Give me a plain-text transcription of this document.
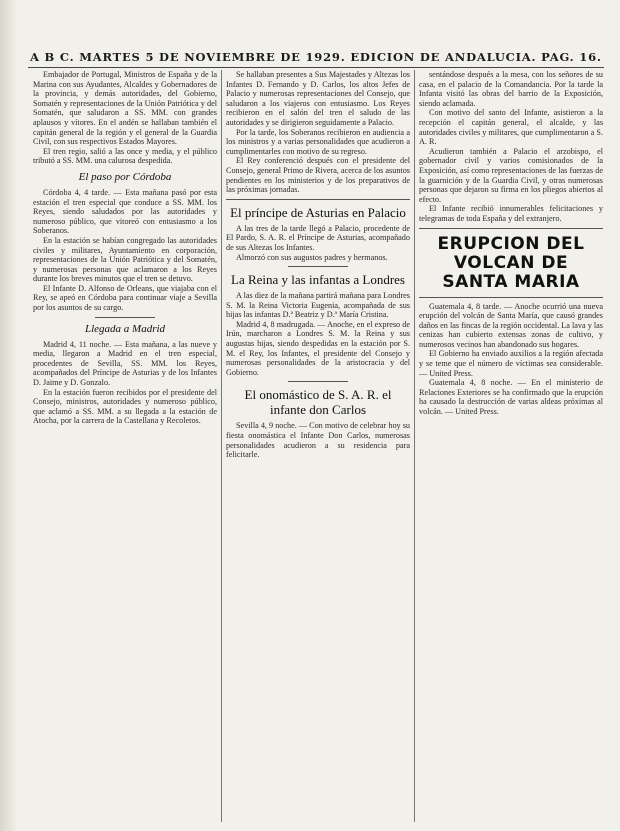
A B C. MARTES 5 DE NOVIEMBRE DE 1929. EDICION DE ANDALUCIA. PAG. 16.

Embajador de Portugal, Ministros de España y de la Marina con sus Ayudantes, Alcaldes y Gobernadores de la provincia, y demás autoridades, del Gobierno, Somatén y representaciones de la Unión Patriótica y del Somatén, que saludaron a SS. MM. con grandes aplausos y vítores. En el andén se hallaban también el capitán general de la región y el general de la Guardia Civil, con sus respectivos Estados Mayores.

El tren regio, salió a las once y media, y el público tributó a SS. MM. una calurosa despedida.

El paso por Córdoba

Córdoba 4, 4 tarde. — Esta mañana pasó por esta estación el tren especial que conduce a SS. MM. los Reyes, siendo saludados por las autoridades y numeroso público, que vitoreó con entusiasmo a los Soberanos.

En la estación se habían congregado las autoridades civiles y militares, Ayuntamiento en corporación, representaciones de la Unión Patriótica y del Somatén, y numerosas personas que aclamaron a los Reyes durante los breves minutos que el tren se detuvo.

El Infante D. Alfonso de Orleans, que viajaba con el Rey, se apeó en Córdoba para continuar viaje a Sevilla por los asuntos de su cargo.

Llegada a Madrid

Madrid 4, 11 noche. — Esta mañana, a las nueve y media, llegaron a Madrid en el tren especial, procedentes de Sevilla, SS. MM. los Reyes, acompañados del Príncipe de Asturias y de los Infantes D. Jaime y D. Gonzalo.

En la estación fueron recibidos por el presidente del Consejo, ministros, autoridades y numeroso público, que aclamó a SS. MM. a su llegada a la estación de Atocha, por la carrera de la Castellana y Recoletos.

Se hallaban presentes a Sus Majestades y Altezas los Infantes D. Fernando y D. Carlos, los altos Jefes de Palacio y numerosas representaciones del Consejo, que saludaron a los viajeros con entusiasmo. Los Reyes recibieron en el salón del tren el saludo de las autoridades y se dirigieron seguidamente a Palacio.

Por la tarde, los Soberanos recibieron en audiencia a los ministros y a varias personalidades que acudieron a cumplimentarles con motivo de su regreso.

El Rey conferenció después con el presidente del Consejo, general Primo de Rivera, acerca de los asuntos pendientes en los ministerios y de los preparativos de las próximas jornadas.

El príncipe de Asturias en Palacio

A las tres de la tarde llegó a Palacio, procedente de El Pardo, S. A. R. el Príncipe de Asturias, acompañado de sus Altezas los Infantes.

Almorzó con sus augustos padres y hermanos.

La Reina y las infantas a Londres

A las diez de la mañana partirá mañana para Londres S. M. la Reina Victoria Eugenia, acompañada de sus hijas las infantas D.ª Beatriz y D.ª María Cristina.

Madrid 4, 8 madrugada. — Anoche, en el expreso de Irún, marcharon a Londres S. M. la Reina y sus augustas hijas, siendo despedidas en la estación por S. M. el Rey, los Infantes, el presidente del Consejo y numerosas personalidades de la aristocracia y del Gobierno.

El onomástico de S. A. R. el infante don Carlos

Sevilla 4, 9 noche. — Con motivo de celebrar hoy su fiesta onomástica el Infante Don Carlos, numerosas personalidades acudieron a su residencia para felicitarle.

sentándose después a la mesa, con los señores de su casa, en el palacio de la Comandancia. Por la tarde la Infanta visitó las obras del barrio de la Exposición, siendo aclamada.

Con motivo del santo del Infante, asistieron a la recepción el capitán general, el alcalde, y las autoridades civiles y militares, que cumplimentaron a S. A. R.

Acudieron también a Palacio el arzobispo, el gobernador civil y varios comisionados de la Exposición, así como representaciones de las fuerzas de la guarnición y de la Guardia Civil, y otras numerosas personas que dejaron su firma en los pliegos abiertos al efecto.

El Infante recibió innumerables felicitaciones y telegramas de toda España y del extranjero.

ERUPCION DEL VOLCAN DE SANTA MARIA

Guatemala 4, 8 tarde. — Anoche ocurrió una nueva erupción del volcán de Santa María, que causó grandes daños en las fincas de la región occidental. La lava y las cenizas han cubierto extensas zonas de cultivo, y numerosos vecinos han abandonado sus hogares.

El Gobierno ha enviado auxilios a la región afectada y se teme que el número de víctimas sea considerable. — United Press.

Guatemala 4, 8 noche. — En el ministerio de Relaciones Exteriores se ha confirmado que la erupción ha causado la destrucción de varias aldeas próximas al volcán. — United Press.
